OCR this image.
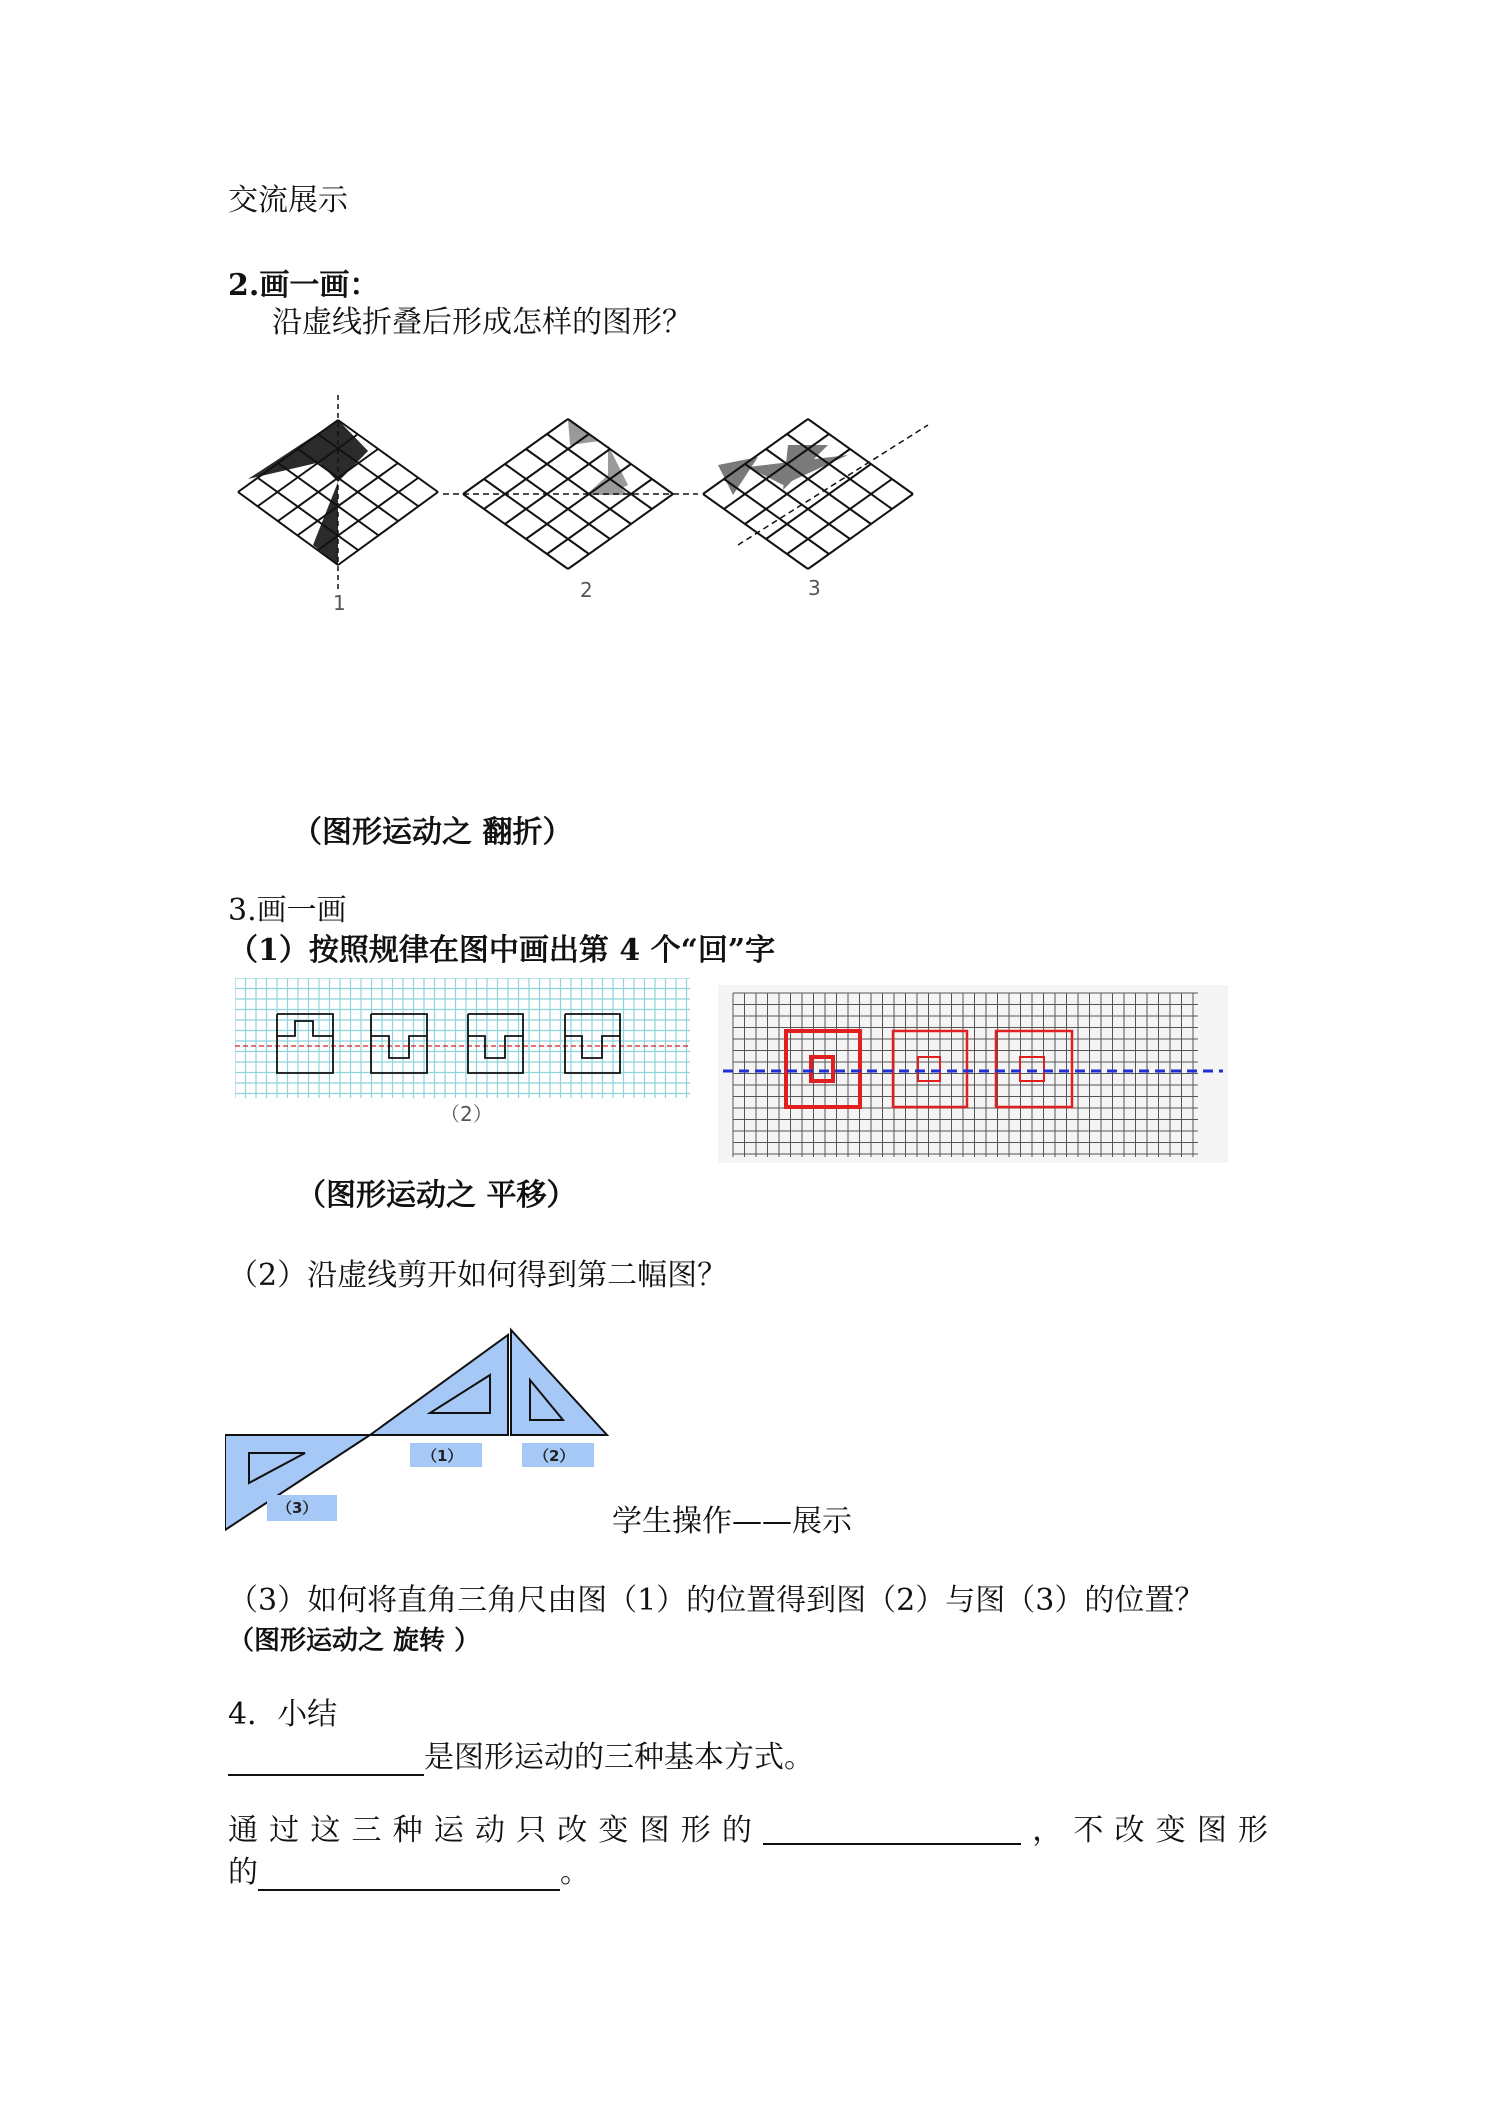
交流展示
2.画一画：
沿虚线折叠后形成怎样的图形？
1
2	3
（图形运动之 翻折）
3.画一画
（1）按照规律在图中画出第 4 个“回”字
（2）
（图形运动之 平移）
（2）沿虚线剪开如何得到第二幅图？
（1）	（2）
（3）	学生操作——展示
（3）如何将直角三角尺由图（1）的位置得到图（2）与图（3）的位置？
（图形运动之 旋转 ）
4．小结
是图形运动的三种基本方式。
通 过 这 三 种 运 动 只 改 变 图 形 的	， 不 改 变 图 形
的	。
